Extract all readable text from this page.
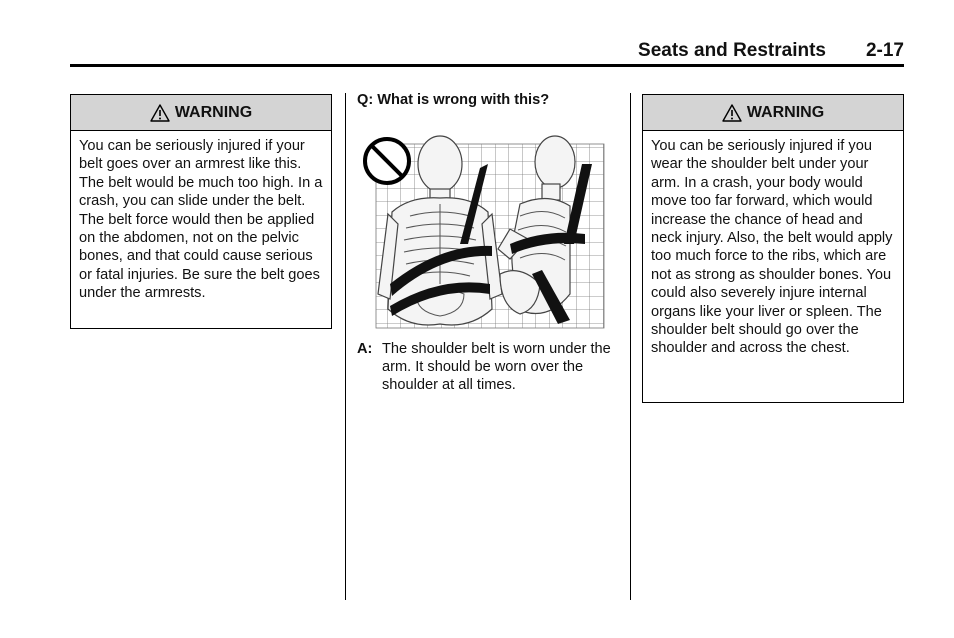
Seats and Restraints	2-17
WARNING
You can be seriously injured if your belt goes over an armrest like this. The belt would be much too high. In a crash, you can slide under the belt. The belt force would then be applied on the abdomen, not on the pelvic bones, and that could cause serious or fatal injuries. Be sure the belt goes under the armrests.
Q: What is wrong with this?
A: The shoulder belt is worn under the arm. It should be worn over the shoulder at all times.
WARNING
You can be seriously injured if you wear the shoulder belt under your arm. In a crash, your body would move too far forward, which would increase the chance of head and neck injury. Also, the belt would apply too much force to the ribs, which are not as strong as shoulder bones. You could also severely injure internal organs like your liver or spleen. The shoulder belt should go over the shoulder and across the chest.
